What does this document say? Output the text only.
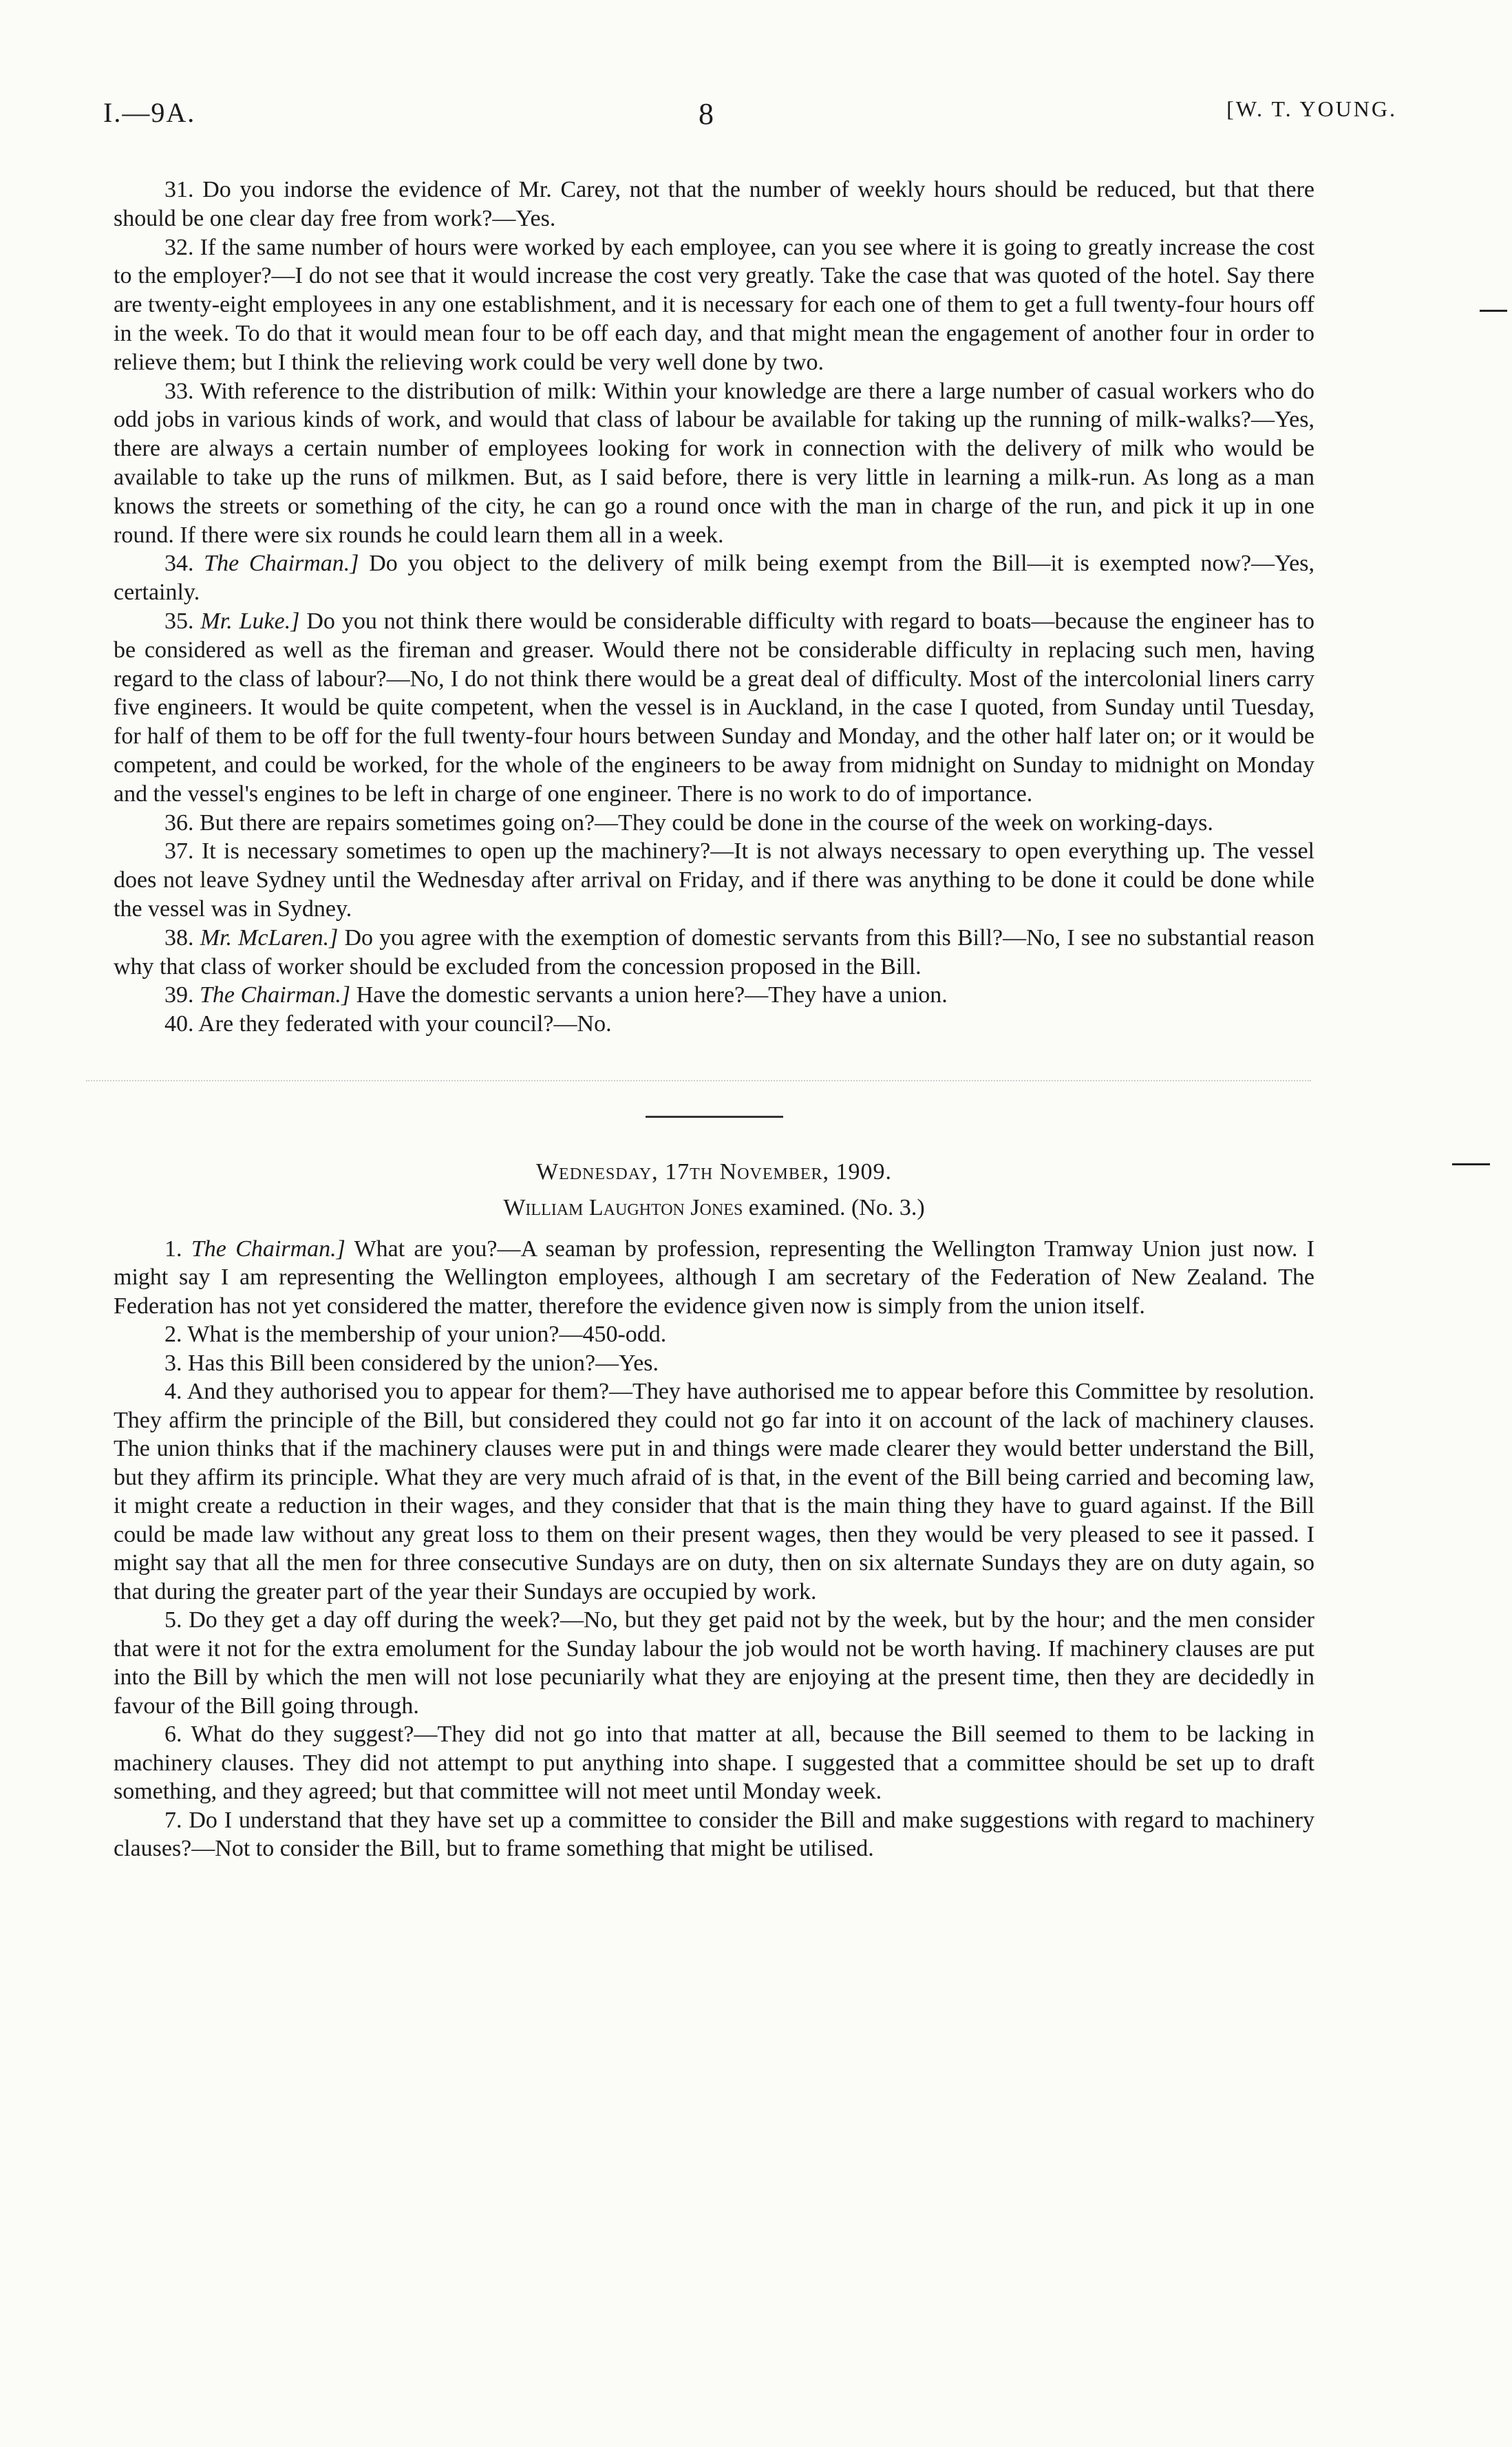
I.—9A.	8	[W. T. YOUNG.

31. Do you indorse the evidence of Mr. Carey, not that the number of weekly hours should be reduced, but that there should be one clear day free from work?—Yes.

32. If the same number of hours were worked by each employee, can you see where it is going to greatly increase the cost to the employer?—I do not see that it would increase the cost very greatly. Take the case that was quoted of the hotel. Say there are twenty-eight employees in any one establishment, and it is necessary for each one of them to get a full twenty-four hours off in the week. To do that it would mean four to be off each day, and that might mean the engagement of another four in order to relieve them; but I think the relieving work could be very well done by two.

33. With reference to the distribution of milk: Within your knowledge are there a large number of casual workers who do odd jobs in various kinds of work, and would that class of labour be available for taking up the running of milk-walks?—Yes, there are always a certain number of employees looking for work in connection with the delivery of milk who would be available to take up the runs of milkmen. But, as I said before, there is very little in learning a milk-run. As long as a man knows the streets or something of the city, he can go a round once with the man in charge of the run, and pick it up in one round. If there were six rounds he could learn them all in a week.

34. The Chairman.] Do you object to the delivery of milk being exempt from the Bill—it is exempted now?—Yes, certainly.

35. Mr. Luke.] Do you not think there would be considerable difficulty with regard to boats—because the engineer has to be considered as well as the fireman and greaser. Would there not be considerable difficulty in replacing such men, having regard to the class of labour?—No, I do not think there would be a great deal of difficulty. Most of the intercolonial liners carry five engineers. It would be quite competent, when the vessel is in Auckland, in the case I quoted, from Sunday until Tuesday, for half of them to be off for the full twenty-four hours between Sunday and Monday, and the other half later on; or it would be competent, and could be worked, for the whole of the engineers to be away from midnight on Sunday to midnight on Monday and the vessel's engines to be left in charge of one engineer. There is no work to do of importance.

36. But there are repairs sometimes going on?—They could be done in the course of the week on working-days.

37. It is necessary sometimes to open up the machinery?—It is not always necessary to open everything up. The vessel does not leave Sydney until the Wednesday after arrival on Friday, and if there was anything to be done it could be done while the vessel was in Sydney.

38. Mr. McLaren.] Do you agree with the exemption of domestic servants from this Bill?—No, I see no substantial reason why that class of worker should be excluded from the concession proposed in the Bill.

39. The Chairman.] Have the domestic servants a union here?—They have a union.

40. Are they federated with your council?—No.

Wednesday, 17th November, 1909.
William Laughton Jones examined. (No. 3.)

1. The Chairman.] What are you?—A seaman by profession, representing the Wellington Tramway Union just now. I might say I am representing the Wellington employees, although I am secretary of the Federation of New Zealand. The Federation has not yet considered the matter, therefore the evidence given now is simply from the union itself.

2. What is the membership of your union?—450-odd.

3. Has this Bill been considered by the union?—Yes.

4. And they authorised you to appear for them?—They have authorised me to appear before this Committee by resolution. They affirm the principle of the Bill, but considered they could not go far into it on account of the lack of machinery clauses. The union thinks that if the machinery clauses were put in and things were made clearer they would better understand the Bill, but they affirm its principle. What they are very much afraid of is that, in the event of the Bill being carried and becoming law, it might create a reduction in their wages, and they consider that that is the main thing they have to guard against. If the Bill could be made law without any great loss to them on their present wages, then they would be very pleased to see it passed. I might say that all the men for three consecutive Sundays are on duty, then on six alternate Sundays they are on duty again, so that during the greater part of the year their Sundays are occupied by work.

5. Do they get a day off during the week?—No, but they get paid not by the week, but by the hour; and the men consider that were it not for the extra emolument for the Sunday labour the job would not be worth having. If machinery clauses are put into the Bill by which the men will not lose pecuniarily what they are enjoying at the present time, then they are decidedly in favour of the Bill going through.

6. What do they suggest?—They did not go into that matter at all, because the Bill seemed to them to be lacking in machinery clauses. They did not attempt to put anything into shape. I suggested that a committee should be set up to draft something, and they agreed; but that committee will not meet until Monday week.

7. Do I understand that they have set up a committee to consider the Bill and make suggestions with regard to machinery clauses?—Not to consider the Bill, but to frame something that might be utilised.
